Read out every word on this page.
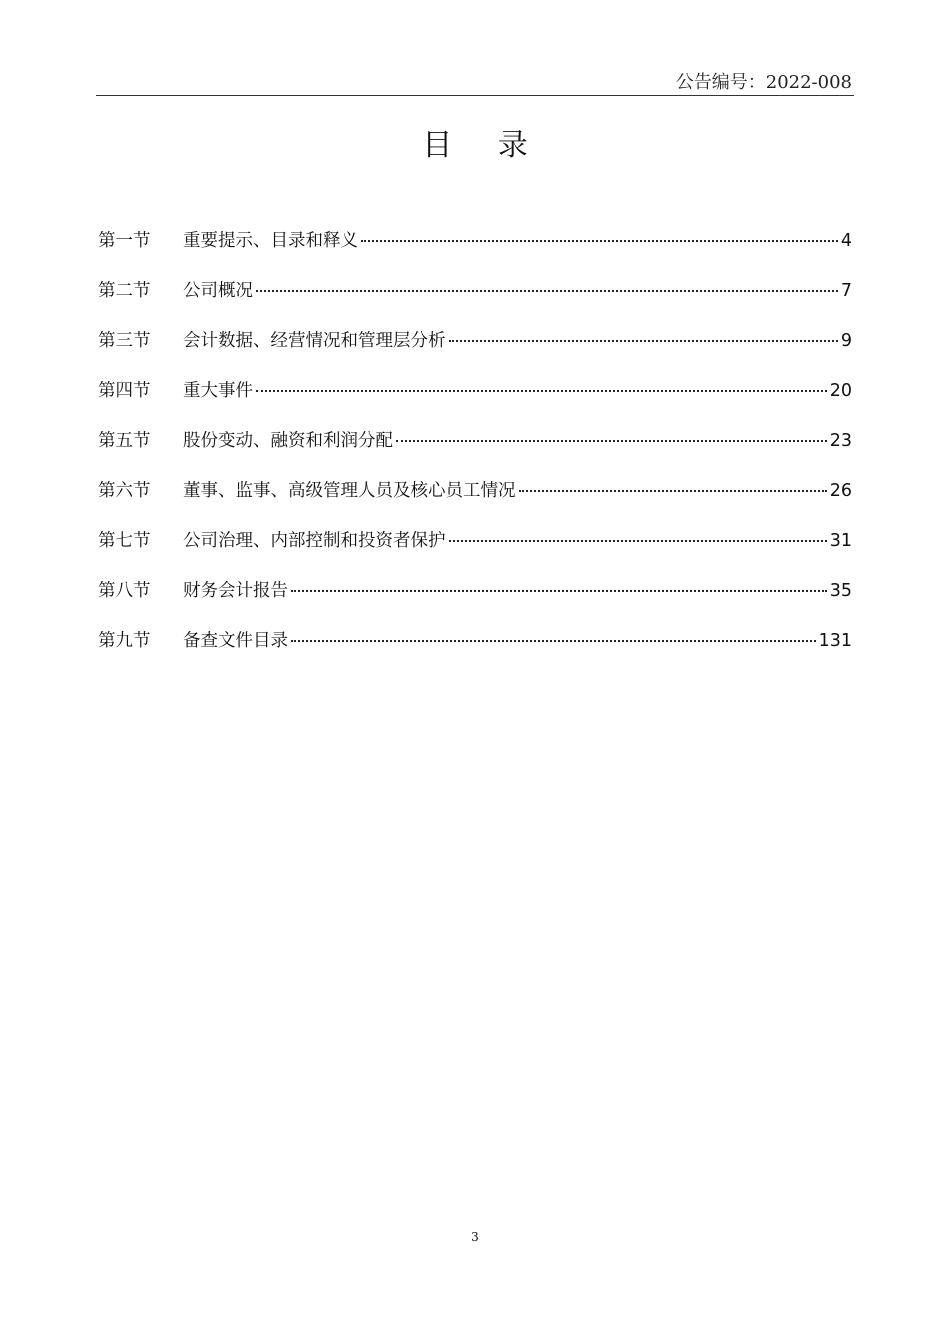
公告编号：2022-008
目 录
第一节	重要提示、目录和释义	4
第二节	公司概况	7
第三节	会计数据、经营情况和管理层分析	9
第四节	重大事件	20
第五节	股份变动、融资和利润分配	23
第六节	董事、监事、高级管理人员及核心员工情况	26
第七节	公司治理、内部控制和投资者保护	31
第八节	财务会计报告	35
第九节	备查文件目录	131
3
